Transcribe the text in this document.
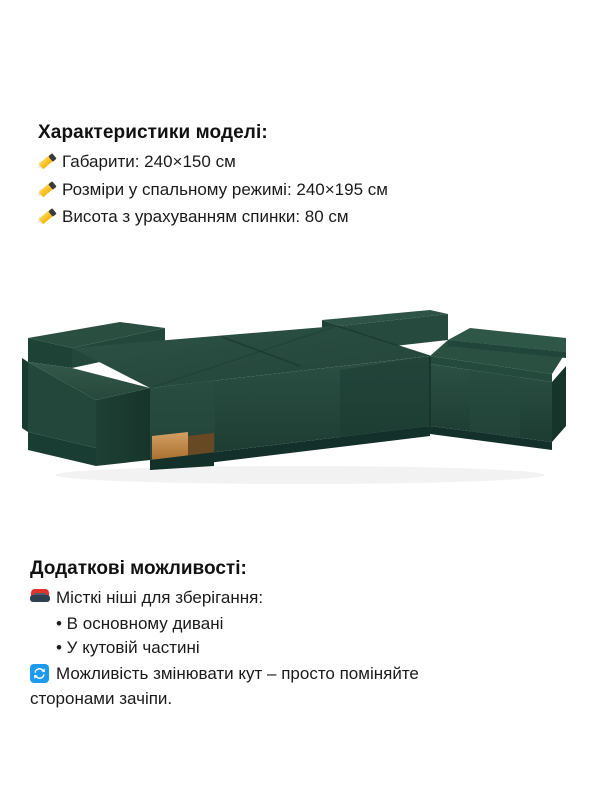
Характеристики моделі:
Габарити: 240×150 см
Розміри у спальному режимі: 240×195 см
Висота з урахуванням спинки: 80 см
Додаткові можливості:
Місткі ніші для зберігання:
• В основному дивані
• У кутовій частині
Можливість змінювати кут – просто поміняйте
сторонами зачіпи.
